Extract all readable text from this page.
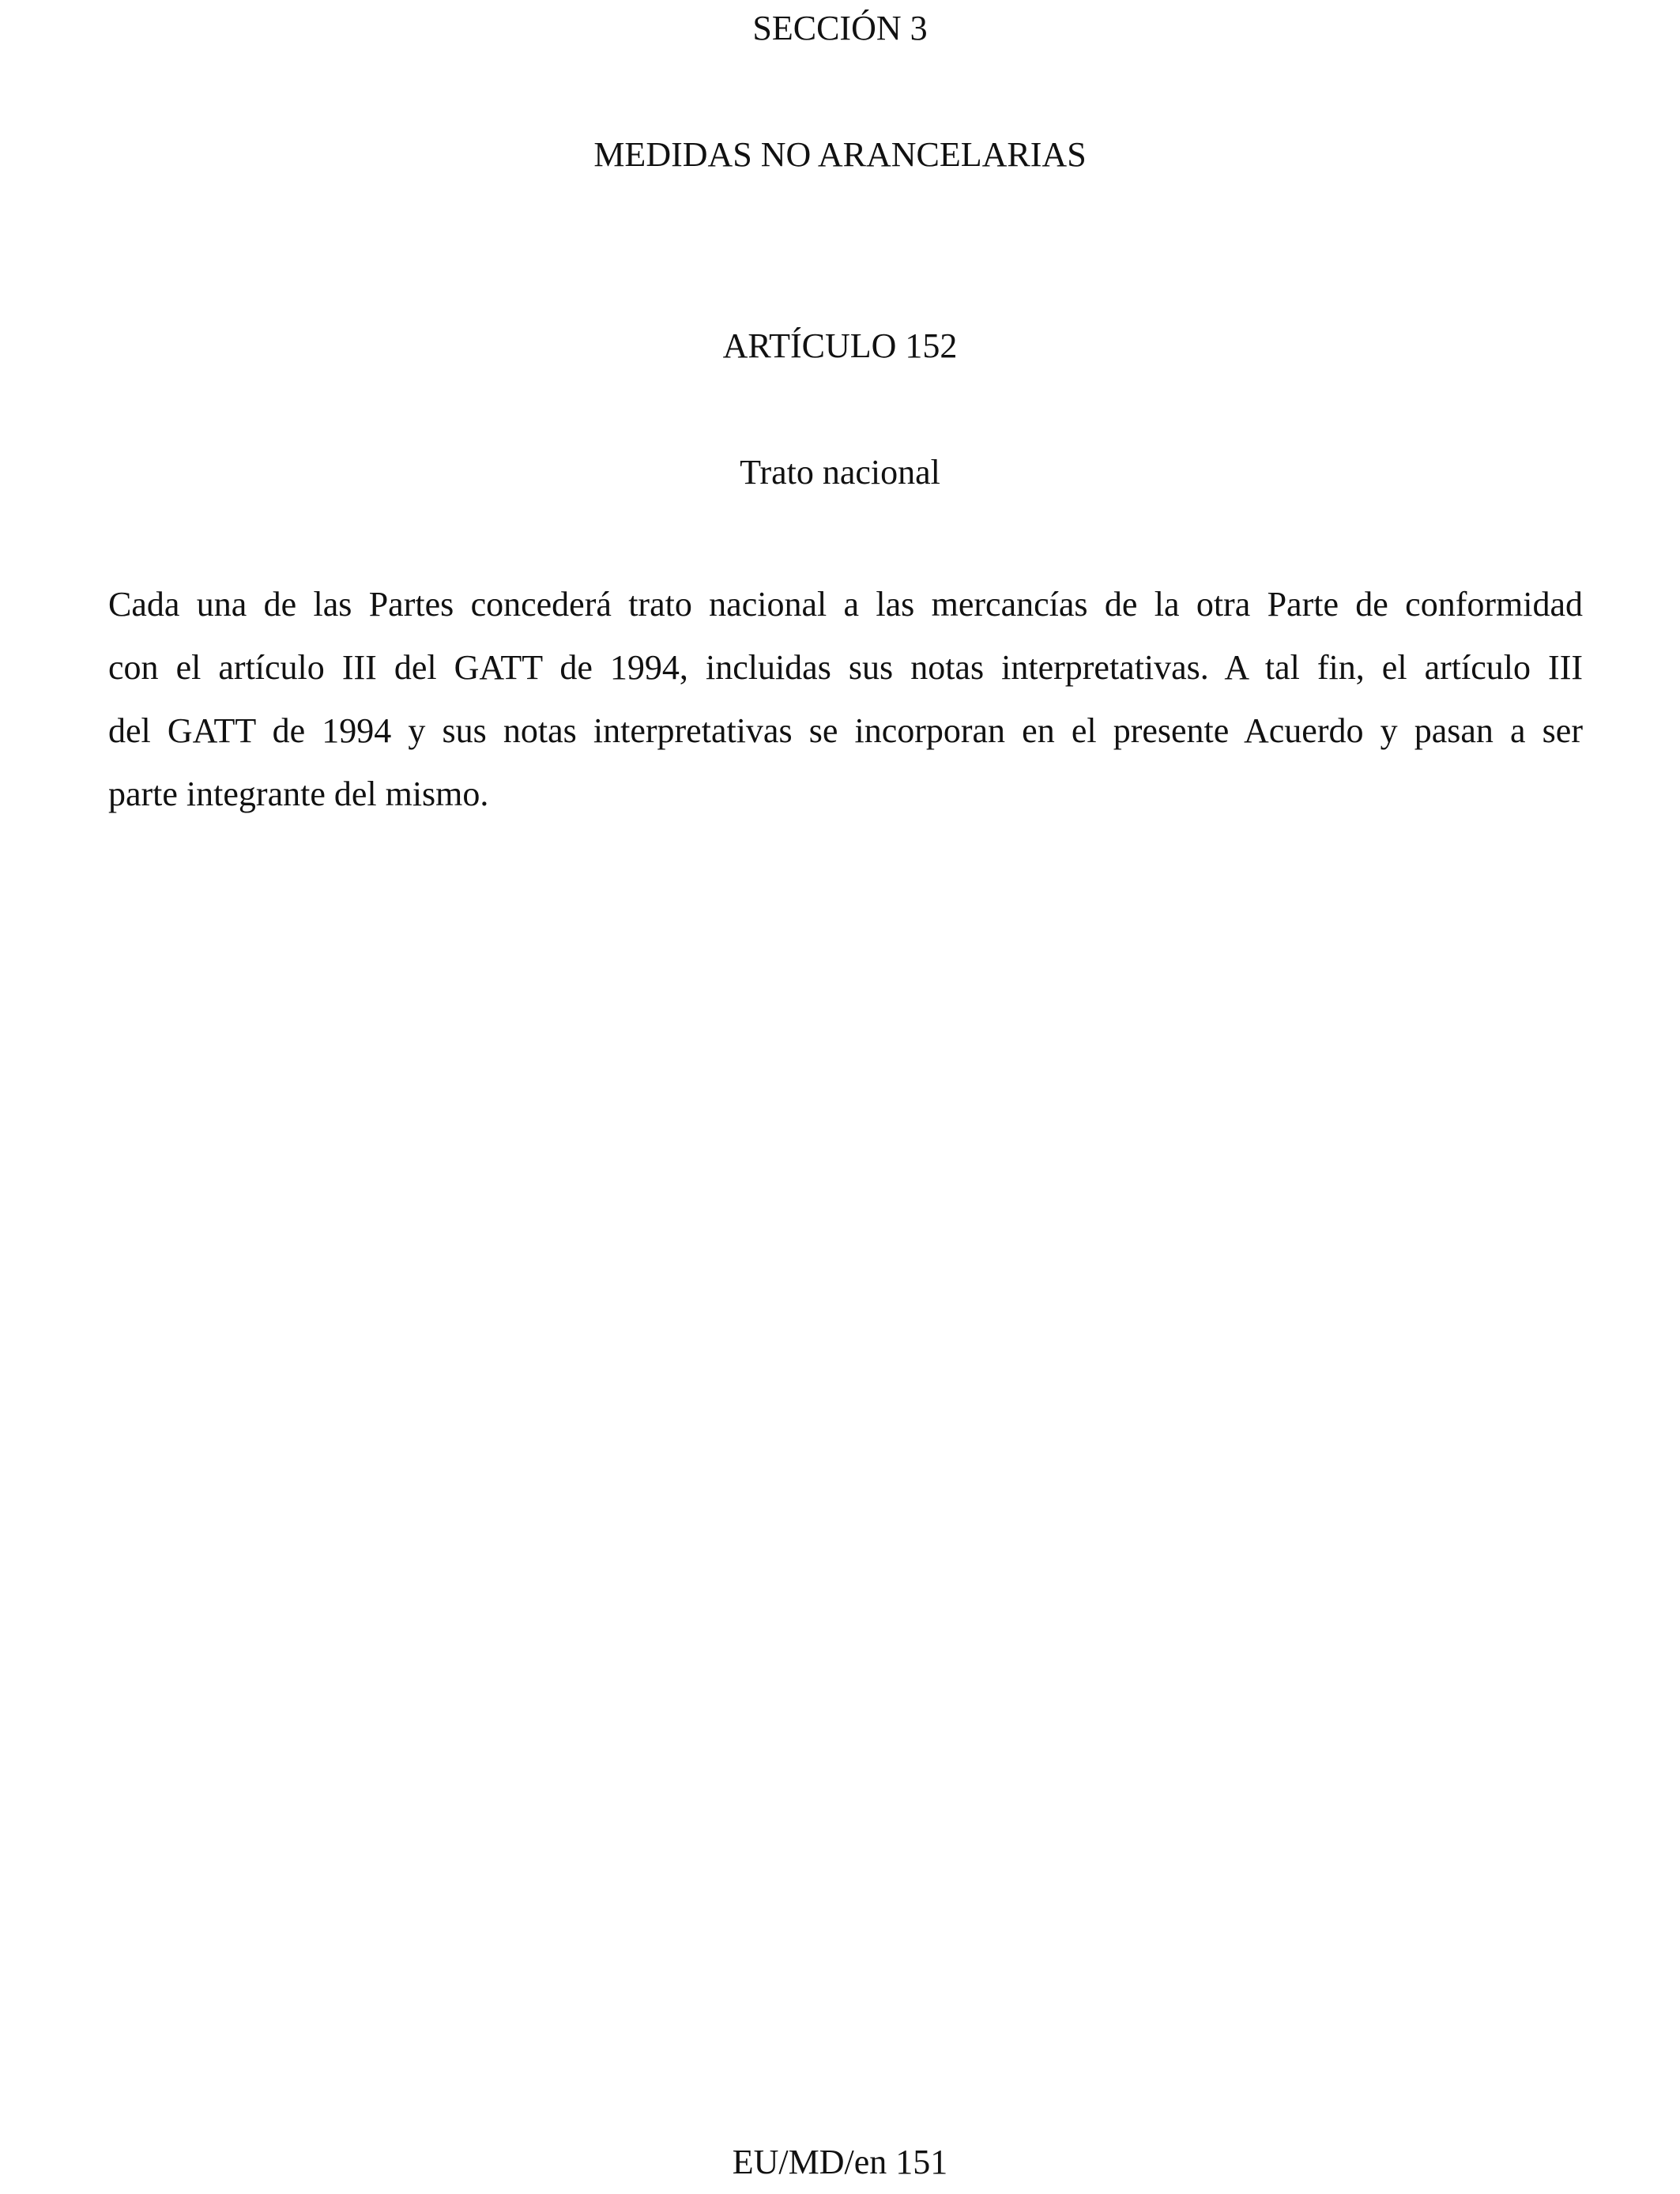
SECCIÓN 3
MEDIDAS NO ARANCELARIAS
ARTÍCULO 152
Trato nacional

Cada una de las Partes concederá trato nacional a las mercancías de la otra Parte de conformidad
con el artículo III del GATT de 1994, incluidas sus notas interpretativas. A tal fin, el artículo III
del GATT de 1994 y sus notas interpretativas se incorporan en el presente Acuerdo y pasan a ser
parte integrante del mismo.

EU/MD/en 151
